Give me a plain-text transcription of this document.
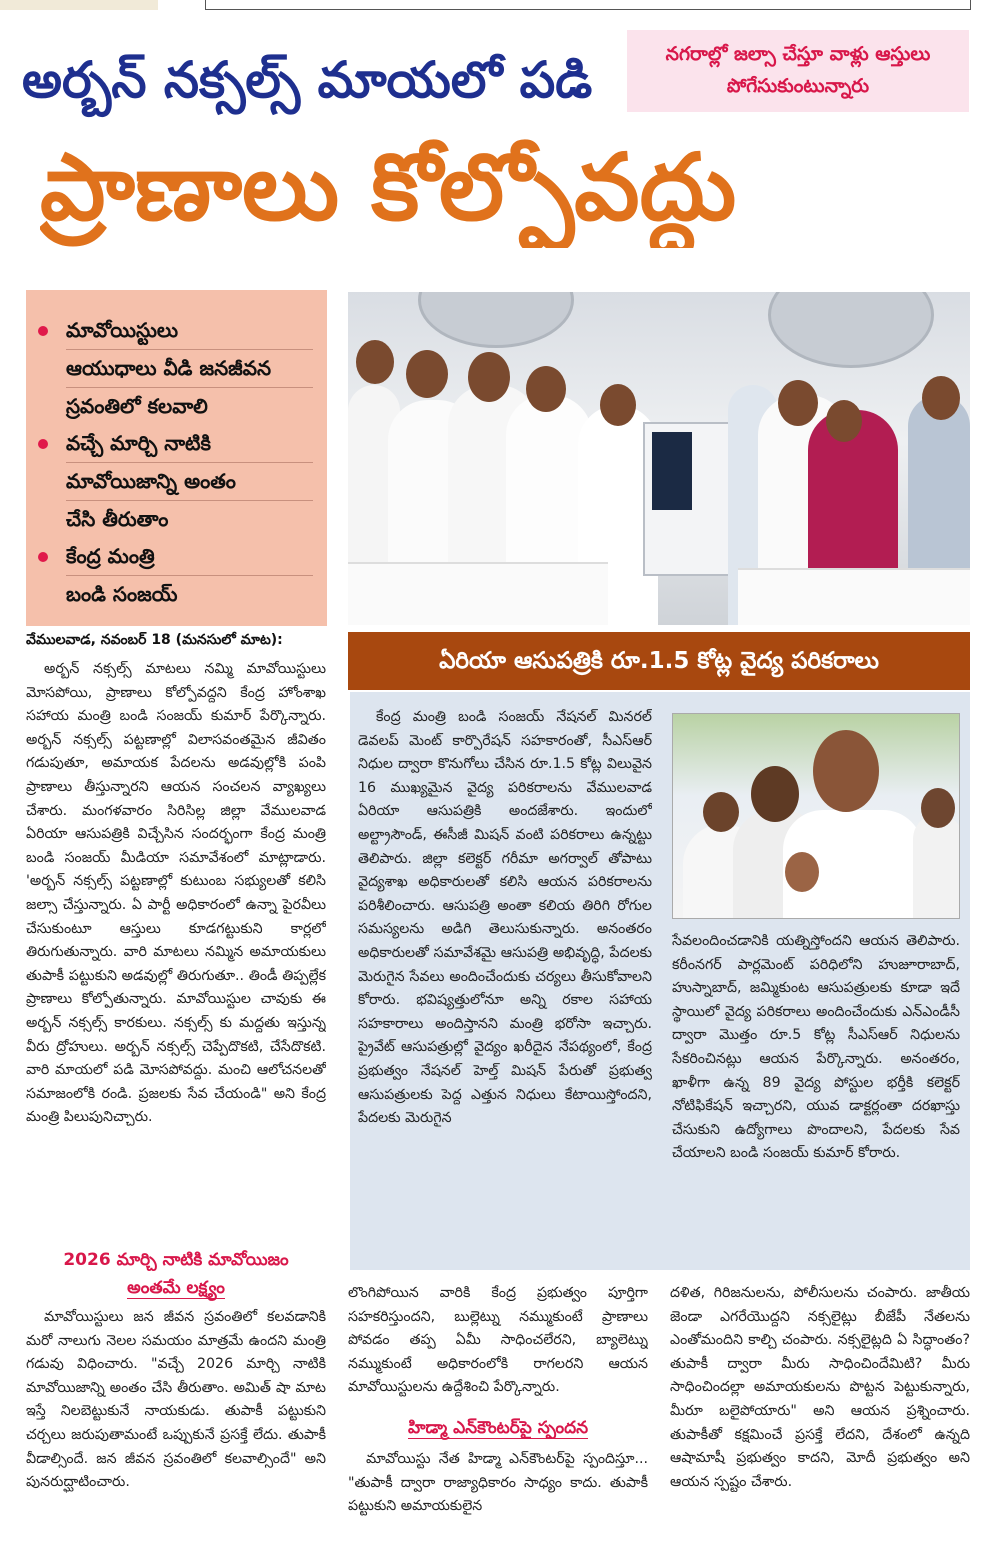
అర్బన్ నక్సల్స్ మాయలో పడి	నగరాల్లో జల్సా చేస్తూ వాళ్లు ఆస్తులు
పోగేసుకుంటున్నారు
ప్రాణాలు కోల్పోవద్దు
మావోయిస్టులు
ఆయుధాలు వీడి జనజీవన
స్రవంతిలో కలవాలి
వచ్చే మార్చి నాటికి
మావోయిజాన్ని అంతం
చేసి తీరుతాం
కేంద్ర మంత్రి
బండి సంజయ్
వేములవాడ, నవంబర్ 18 (మనసులో మాట):

అర్బన్ నక్సల్స్ మాటలు నమ్మి మావోయిస్టులు మోసపోయి, ప్రాణాలు కోల్పోవద్దని కేంద్ర హోంశాఖ సహాయ మంత్రి బండి సంజయ్ కుమార్ పేర్కొన్నారు. అర్బన్ నక్సల్స్ పట్టణాల్లో విలాసవంతమైన జీవితం గడుపుతూ, అమాయక పేదలను అడవుల్లోకి పంపి ప్రాణాలు తీస్తున్నారని ఆయన సంచలన వ్యాఖ్యలు చేశారు. మంగళవారం సిరిసిల్ల జిల్లా వేములవాడ ఏరియా ఆసుపత్రికి విచ్చేసిన సందర్భంగా కేంద్ర మంత్రి బండి సంజయ్ మీడియా సమావేశంలో మాట్లాడారు. 'అర్బన్ నక్సల్స్ పట్టణాల్లో కుటుంబ సభ్యులతో కలిసి జల్సా చేస్తున్నారు. ఏ పార్టీ అధికారంలో ఉన్నా పైరవీలు చేసుకుంటూ ఆస్తులు కూడగట్టుకుని కార్లలో తిరుగుతున్నారు. వారి మాటలు నమ్మిన అమాయకులు తుపాకీ పట్టుకుని అడవుల్లో తిరుగుతూ.. తిండీ తిప్పల్లేక ప్రాణాలు కోల్పోతున్నారు. మావోయిస్టుల చావుకు ఈ అర్బన్ నక్సల్స్ కారకులు. నక్సల్స్ కు మద్దతు ఇస్తున్న వీరు ద్రోహులు. అర్బన్ నక్సల్స్ చెప్పేదొకటి, చేసేదొకటి. వారి మాయలో పడి మోసపోవద్దు. మంచి ఆలోచనలతో సమాజంలోకి రండి. ప్రజలకు సేవ చేయండి" అని కేంద్ర మంత్రి పిలుపునిచ్చారు.

2026 మార్చి నాటికి మావోయిజం
అంతమే లక్ష్యం

మావోయిస్టులు జన జీవన స్రవంతిలో కలవడానికి మరో నాలుగు నెలల సమయం మాత్రమే ఉందని మంత్రి గడువు విధించారు. "వచ్చే 2026 మార్చి నాటికి మావోయిజాన్ని అంతం చేసి తీరుతాం. అమిత్ షా మాట ఇస్తే నిలబెట్టుకునే నాయకుడు. తుపాకీ పట్టుకుని చర్చలు జరుపుతామంటే ఒప్పుకునే ప్రసక్తే లేదు. తుపాకీ వీడాల్సిందే. జన జీవన స్రవంతిలో కలవాల్సిందే" అని పునరుద్ఘాటించారు.

ఏరియా ఆసుపత్రికి రూ.1.5 కోట్ల వైద్య పరికరాలు

కేంద్ర మంత్రి బండి సంజయ్ నేషనల్ మినరల్ డెవలప్ మెంట్ కార్పొరేషన్ సహకారంతో, సీఎస్ఆర్ నిధుల ద్వారా కొనుగోలు చేసిన రూ.1.5 కోట్ల విలువైన 16 ముఖ్యమైన వైద్య పరికరాలను వేములవాడ ఏరియా ఆసుపత్రికి అందజేశారు. ఇందులో అల్ట్రాసౌండ్, ఈసీజీ మిషన్ వంటి పరికరాలు ఉన్నట్టు తెలిపారు. జిల్లా కలెక్టర్ గరీమా అగర్వాల్ తోపాటు వైద్యశాఖ అధికారులతో కలిసి ఆయన పరికరాలను పరిశీలించారు. ఆసుపత్రి అంతా కలియ తిరిగి రోగుల సమస్యలను అడిగి తెలుసుకున్నారు. అనంతరం అధికారులతో సమావేశమై ఆసుపత్రి అభివృద్ధి, పేదలకు మెరుగైన సేవలు అందించేందుకు చర్యలు తీసుకోవాలని కోరారు. భవిష్యత్తులోనూ అన్ని రకాల సహాయ సహకారాలు అందిస్తానని మంత్రి భరోసా ఇచ్చారు. ప్రైవేట్ ఆసుపత్రుల్లో వైద్యం ఖరీదైన నేపథ్యంలో, కేంద్ర ప్రభుత్వం నేషనల్ హెల్త్ మిషన్ పేరుతో ప్రభుత్వ ఆసుపత్రులకు పెద్ద ఎత్తున నిధులు కేటాయిస్తోందని, పేదలకు మెరుగైన

సేవలందించడానికి యత్నిస్తోందని ఆయన తెలిపారు. కరీంనగర్ పార్లమెంట్ పరిధిలోని హుజూరాబాద్, హుస్నాబాద్, జమ్మికుంట ఆసుపత్రులకు కూడా ఇదే స్థాయిలో వైద్య పరికరాలు అందించేందుకు ఎన్ఎండీసీ ద్వారా మొత్తం రూ.5 కోట్ల సీఎస్ఆర్ నిధులను సేకరించినట్లు ఆయన పేర్కొన్నారు. అనంతరం, ఖాళీగా ఉన్న 89 వైద్య పోస్టుల భర్తీకి కలెక్టర్ నోటిఫికేషన్ ఇచ్చారని, యువ డాక్టర్లంతా దరఖాస్తు చేసుకుని ఉద్యోగాలు పొందాలని, పేదలకు సేవ చేయాలని బండి సంజయ్ కుమార్ కోరారు.

లొంగిపోయిన వారికి కేంద్ర ప్రభుత్వం పూర్తిగా సహకరిస్తుందని, బుల్లెట్ను నమ్ముకుంటే ప్రాణాలు పోవడం తప్ప ఏమీ సాధించలేరని, బ్యాలెట్ను నమ్ముకుంటే అధికారంలోకి రాగలరని ఆయన మావోయిస్టులను ఉద్దేశించి పేర్కొన్నారు.

హిడ్మా ఎన్‌కౌంటర్‌పై స్పందన

మావోయిస్టు నేత హిడ్మా ఎన్‌కౌంటర్‌పై స్పందిస్తూ... "తుపాకీ ద్వారా రాజ్యాధికారం సాధ్యం కాదు. తుపాకీ పట్టుకుని అమాయకులైన

దళిత, గిరిజనులను, పోలీసులను చంపారు. జాతీయ జెండా ఎగరేయొద్దని నక్సలైట్లు బీజేపీ నేతలను ఎంతోమందిని కాల్చి చంపారు. నక్సలైట్లది ఏ సిద్ధాంతం? తుపాకీ ద్వారా మీరు సాధించిందేమిటి? మీరు సాధించిందల్లా అమాయకులను పొట్టన పెట్టుకున్నారు, మీరూ బలైపోయారు" అని ఆయన ప్రశ్నించారు. తుపాకీతో కక్షమించే ప్రసక్తే లేదని, దేశంలో ఉన్నది ఆషామాషీ ప్రభుత్వం కాదని, మోదీ ప్రభుత్వం అని ఆయన స్పష్టం చేశారు.
